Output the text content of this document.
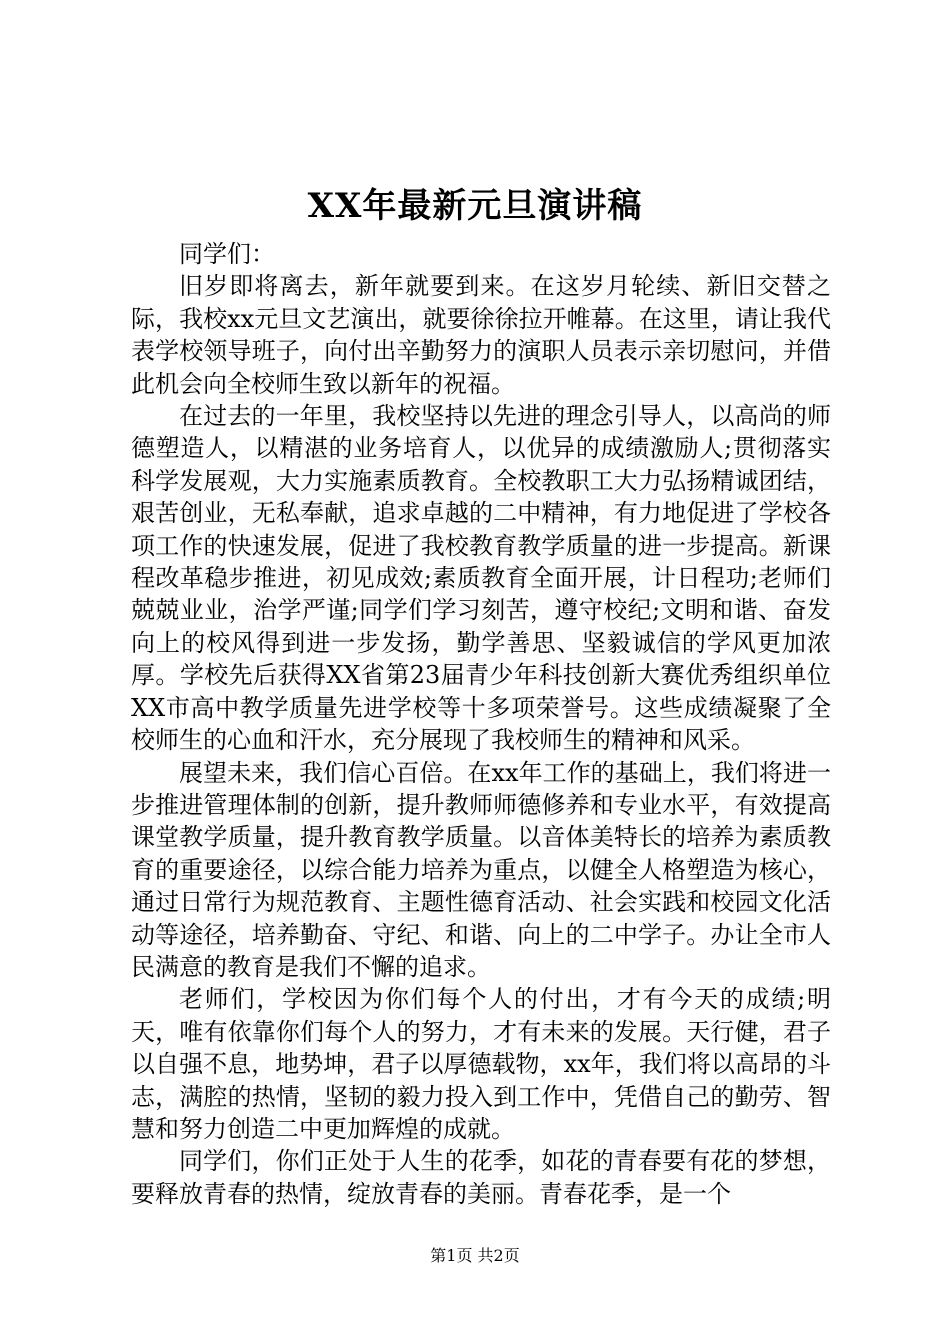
XX年最新元旦演讲稿

同学们：

旧岁即将离去，新年就要到来。在这岁月轮续、新旧交替之际，我校xx元旦文艺演出，就要徐徐拉开帷幕。在这里，请让我代表学校领导班子，向付出辛勤努力的演职人员表示亲切慰问，并借此机会向全校师生致以新年的祝福。

在过去的一年里，我校坚持以先进的理念引导人，以高尚的师德塑造人，以精湛的业务培育人，以优异的成绩激励人;贯彻落实科学发展观，大力实施素质教育。全校教职工大力弘扬精诚团结，艰苦创业，无私奉献，追求卓越的二中精神，有力地促进了学校各项工作的快速发展，促进了我校教育教学质量的进一步提高。新课程改革稳步推进，初见成效;素质教育全面开展，计日程功;老师们兢兢业业，治学严谨;同学们学习刻苦，遵守校纪;文明和谐、奋发向上的校风得到进一步发扬，勤学善思、坚毅诚信的学风更加浓厚。学校先后获得XX省第23届青少年科技创新大赛优秀组织单位XX市高中教学质量先进学校等十多项荣誉号。这些成绩凝聚了全校师生的心血和汗水，充分展现了我校师生的精神和风采。

展望未来，我们信心百倍。在xx年工作的基础上，我们将进一步推进管理体制的创新，提升教师师德修养和专业水平，有效提高课堂教学质量，提升教育教学质量。以音体美特长的培养为素质教育的重要途径，以综合能力培养为重点，以健全人格塑造为核心，通过日常行为规范教育、主题性德育活动、社会实践和校园文化活动等途径，培养勤奋、守纪、和谐、向上的二中学子。办让全市人民满意的教育是我们不懈的追求。

老师们，学校因为你们每个人的付出，才有今天的成绩;明天，唯有依靠你们每个人的努力，才有未来的发展。天行健，君子以自强不息，地势坤，君子以厚德载物，xx年，我们将以高昂的斗志，满腔的热情，坚韧的毅力投入到工作中，凭借自己的勤劳、智慧和努力创造二中更加辉煌的成就。

同学们，你们正处于人生的花季，如花的青春要有花的梦想，要释放青春的热情，绽放青春的美丽。青春花季，是一个

第1页 共2页
